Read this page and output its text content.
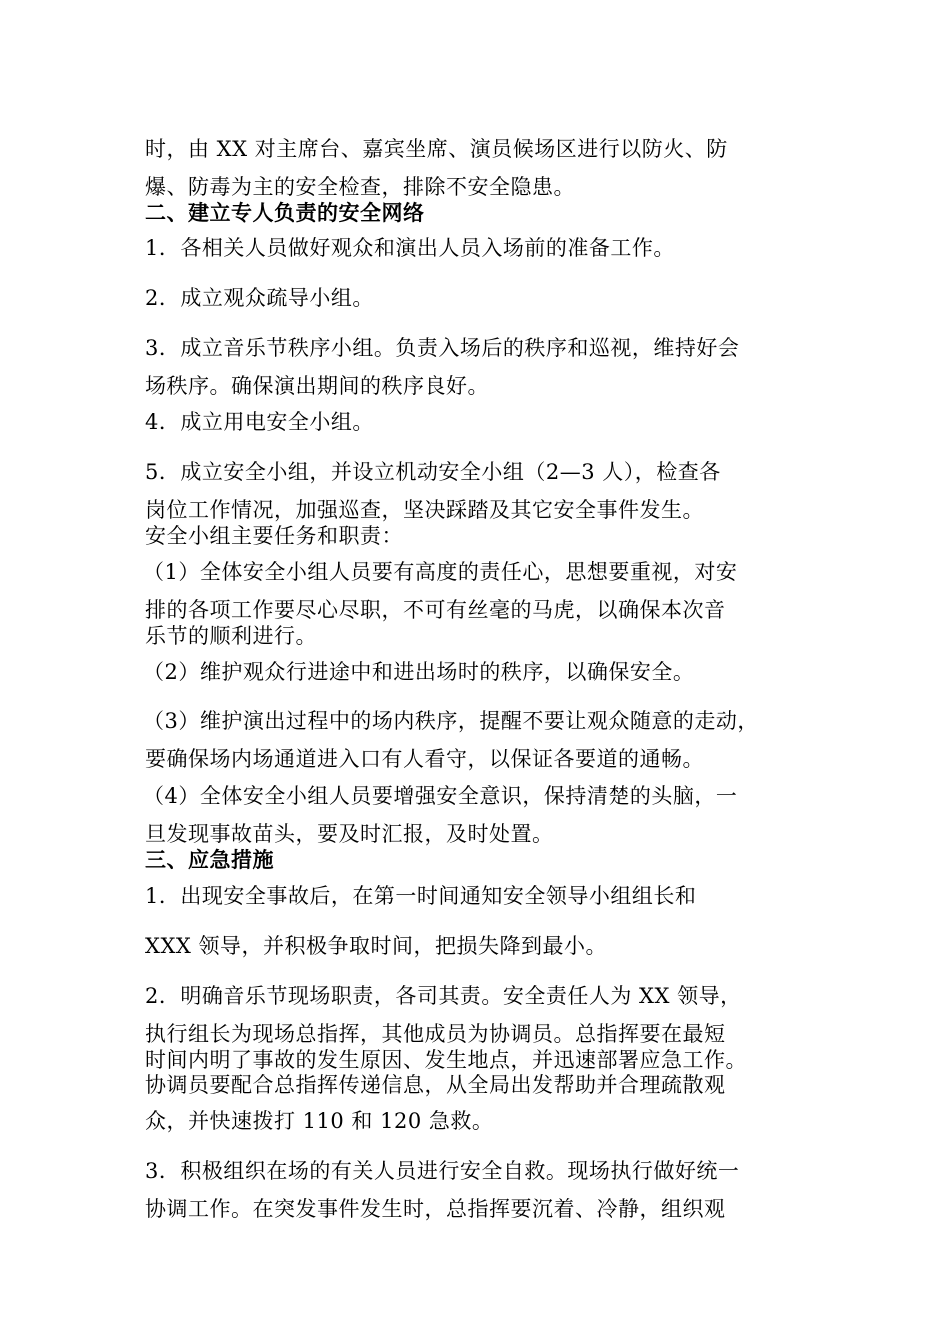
时，由 XX 对主席台、嘉宾坐席、演员候场区进行以防火、防
爆、防毒为主的安全检查，排除不安全隐患。
二、建立专人负责的安全网络
1．各相关人员做好观众和演出人员入场前的准备工作。
2．成立观众疏导小组。
3．成立音乐节秩序小组。负责入场后的秩序和巡视，维持好会
场秩序。确保演出期间的秩序良好。
4．成立用电安全小组。
5．成立安全小组，并设立机动安全小组（2—3 人），检查各
岗位工作情况，加强巡查，坚决踩踏及其它安全事件发生。
安全小组主要任务和职责：
（1）全体安全小组人员要有高度的责任心，思想要重视，对安
排的各项工作要尽心尽职，不可有丝毫的马虎，以确保本次音
乐节的顺利进行。
（2）维护观众行进途中和进出场时的秩序，以确保安全。
（3）维护演出过程中的场内秩序，提醒不要让观众随意的走动，
要确保场内场通道进入口有人看守，以保证各要道的通畅。
（4）全体安全小组人员要增强安全意识，保持清楚的头脑，一
旦发现事故苗头，要及时汇报，及时处置。
三、应急措施
1．出现安全事故后，在第一时间通知安全领导小组组长和
XXX 领导，并积极争取时间，把损失降到最小。
2．明确音乐节现场职责，各司其责。安全责任人为 XX 领导，
执行组长为现场总指挥，其他成员为协调员。总指挥要在最短
时间内明了事故的发生原因、发生地点，并迅速部署应急工作。
协调员要配合总指挥传递信息，从全局出发帮助并合理疏散观
众，并快速拨打 110 和 120 急救。
3．积极组织在场的有关人员进行安全自救。现场执行做好统一
协调工作。在突发事件发生时，总指挥要沉着、冷静，组织观
